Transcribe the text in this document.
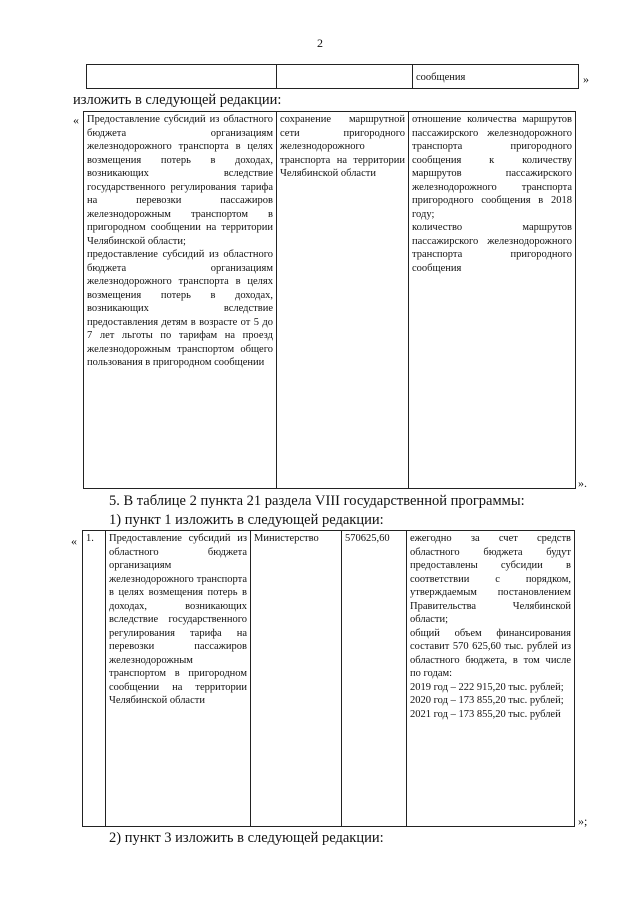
2
		сообщения	»
изложить в следующей редакции:
« Предоставление субсидий из областного бюджета организациям железнодорожного транспорта в целях возмещения потерь в доходах, возникающих вследствие государственного регулирования тарифа на перевозки пассажиров железнодорожным транспортом в пригородном сообщении на территории Челябинской области;
предоставление субсидий из областного бюджета организациям железнодорожного транспорта в целях возмещения потерь в доходах, возникающих вследствие предоставления детям в возрасте от 5 до 7 лет льготы по тарифам на проезд железнодорожным транспортом общего пользования в пригородном сообщении	сохранение маршрутной сети пригородного железнодорожного транспорта на территории Челябинской области	отношение количества маршрутов пассажирского железнодорожного транспорта пригородного сообщения к количеству маршрутов пассажирского железнодорожного транспорта пригородного сообщения в 2018 году;
количество маршрутов пассажирского железнодорожного транспорта пригородного сообщения
».
5. В таблице 2 пункта 21 раздела VIII государственной программы:
1) пункт 1 изложить в следующей редакции:
« 1.	Предоставление субсидий из областного бюджета организациям железнодорожного транспорта в целях возмещения потерь в доходах, возникающих вследствие государственного регулирования тарифа на перевозки пассажиров железнодорожным транспортом в пригородном сообщении на территории Челябинской области	Министерство	570625,60	ежегодно за счет средств областного бюджета будут предоставлены субсидии в соответствии с порядком, утверждаемым постановлением Правительства Челябинской области;
общий объем финансирования составит 570 625,60 тыс. рублей из областного бюджета, в том числе по годам:
2019 год – 222 915,20 тыс. рублей;
2020 год – 173 855,20 тыс. рублей;
2021 год – 173 855,20 тыс. рублей
»;
2) пункт 3 изложить в следующей редакции:
